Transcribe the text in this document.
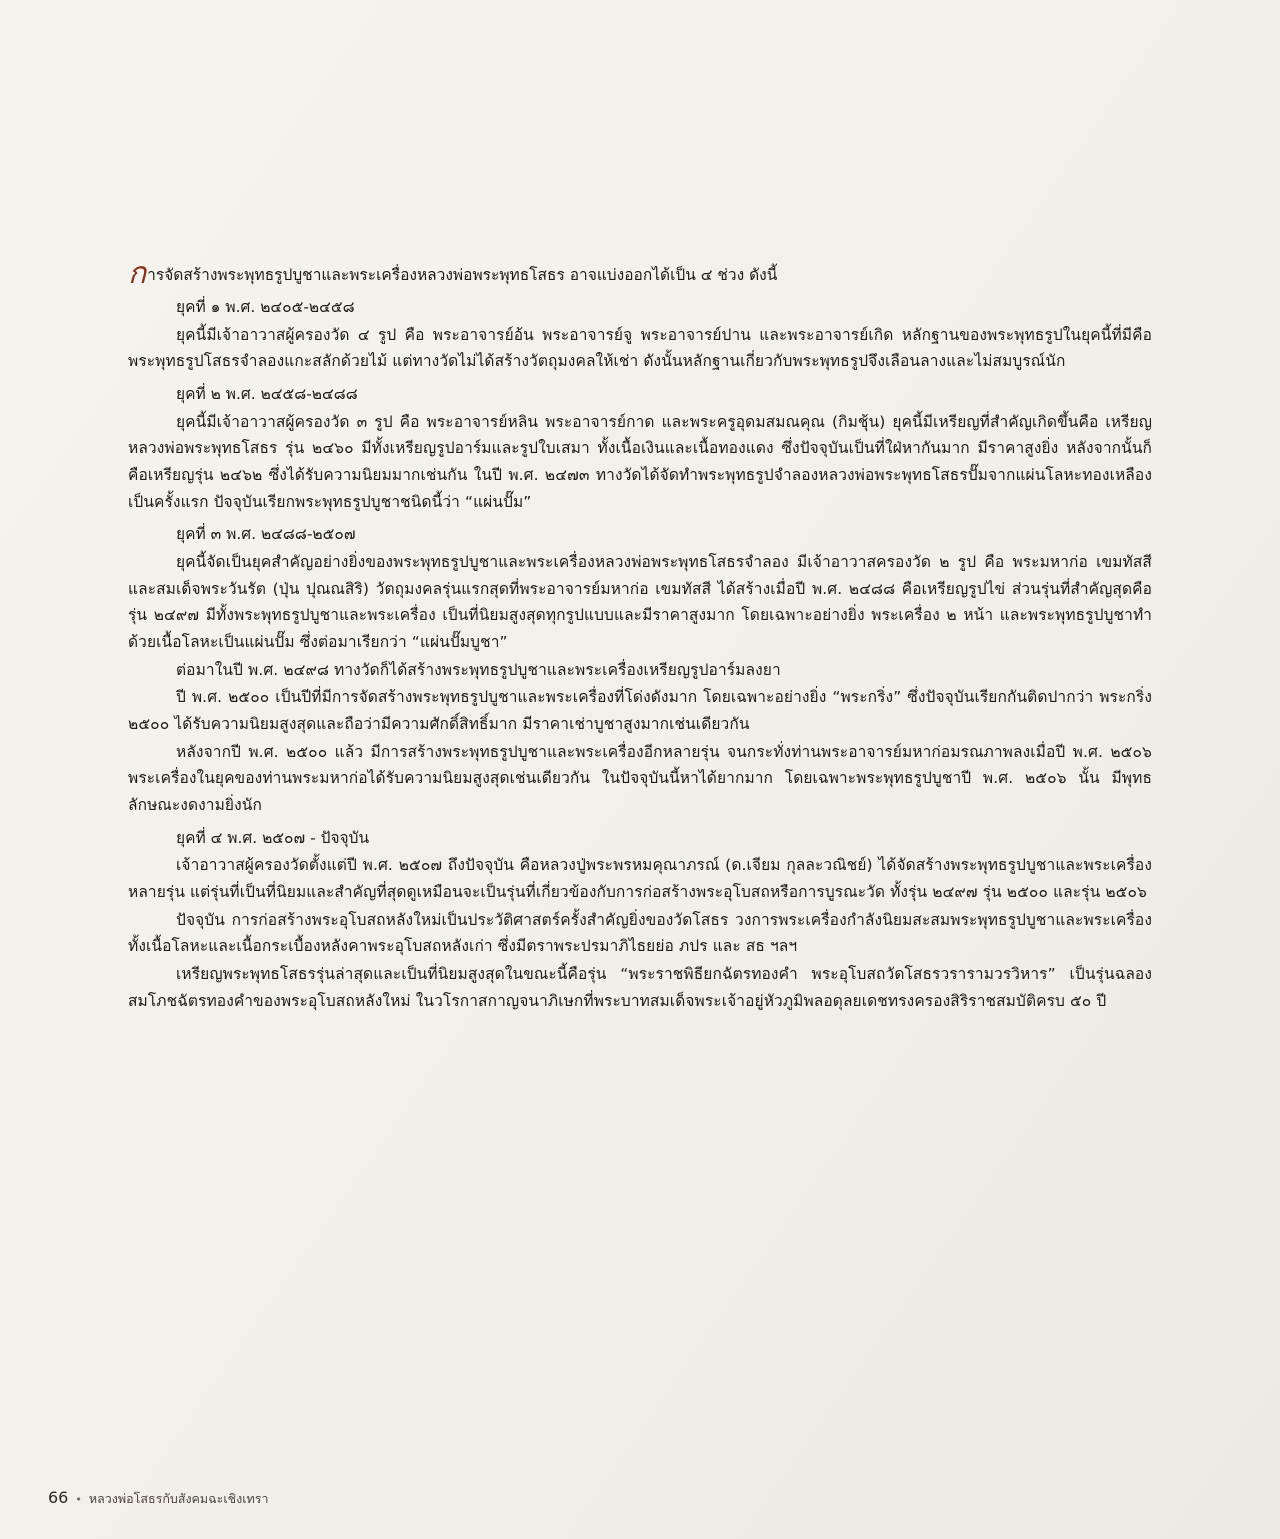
การจัดสร้างพระพุทธรูปบูชาและพระเครื่องหลวงพ่อพระพุทธโสธร อาจแบ่งออกได้เป็น ๔ ช่วง ดังนี้

ยุคที่ ๑ พ.ศ. ๒๔๐๕-๒๔๕๘

ยุคนี้มีเจ้าอาวาสผู้ครองวัด ๔ รูป คือ พระอาจารย์อ้น พระอาจารย์จู พระอาจารย์ปาน และพระอาจารย์เกิด หลักฐานของพระพุทธรูปในยุคนี้ที่มีคือพระพุทธรูปโสธรจำลองแกะสลักด้วยไม้ แต่ทางวัดไม่ได้สร้างวัตถุมงคลให้เช่า ดังนั้นหลักฐานเกี่ยวกับพระพุทธรูปจึงเลือนลางและไม่สมบูรณ์นัก

ยุคที่ ๒ พ.ศ. ๒๔๕๘-๒๔๘๘

ยุคนี้มีเจ้าอาวาสผู้ครองวัด ๓ รูป คือ พระอาจารย์หลิน พระอาจารย์กาด และพระครูอุดมสมณคุณ (กิมชุ้น) ยุคนี้มีเหรียญที่สำคัญเกิดขึ้นคือ เหรียญหลวงพ่อพระพุทธโสธร รุ่น ๒๔๖๐ มีทั้งเหรียญรูปอาร์มและรูปใบเสมา ทั้งเนื้อเงินและเนื้อทองแดง ซึ่งปัจจุบันเป็นที่ใฝ่หากันมาก มีราคาสูงยิ่ง หลังจากนั้นก็คือเหรียญรุ่น ๒๔๖๒ ซึ่งได้รับความนิยมมากเช่นกัน ในปี พ.ศ. ๒๔๗๓ ทางวัดได้จัดทำพระพุทธรูปจำลองหลวงพ่อพระพุทธโสธรปั๊มจากแผ่นโลหะทองเหลืองเป็นครั้งแรก ปัจจุบันเรียกพระพุทธรูปบูชาชนิดนี้ว่า “แผ่นปั๊ม”

ยุคที่ ๓ พ.ศ. ๒๔๘๘-๒๕๐๗

ยุคนี้จัดเป็นยุคสำคัญอย่างยิ่งของพระพุทธรูปบูชาและพระเครื่องหลวงพ่อพระพุทธโสธรจำลอง มีเจ้าอาวาสครองวัด ๒ รูป คือ พระมหาก่อ เขมทัสสี และสมเด็จพระวันรัต (ปุ่น ปุณณสิริ) วัตถุมงคลรุ่นแรกสุดที่พระอาจารย์มหาก่อ เขมทัสสี ได้สร้างเมื่อปี พ.ศ. ๒๔๘๘ คือเหรียญรูปไข่ ส่วนรุ่นที่สำคัญสุดคือ รุ่น ๒๔๙๗ มีทั้งพระพุทธรูปบูชาและพระเครื่อง เป็นที่นิยมสูงสุดทุกรูปแบบและมีราคาสูงมาก โดยเฉพาะอย่างยิ่ง พระเครื่อง ๒ หน้า และพระพุทธรูปบูชาทำด้วยเนื้อโลหะเป็นแผ่นปั๊ม ซึ่งต่อมาเรียกว่า “แผ่นปั๊มบูชา”

ต่อมาในปี พ.ศ. ๒๔๙๘ ทางวัดก็ได้สร้างพระพุทธรูปบูชาและพระเครื่องเหรียญรูปอาร์มลงยา

ปี พ.ศ. ๒๕๐๐ เป็นปีที่มีการจัดสร้างพระพุทธรูปบูชาและพระเครื่องที่โด่งดังมาก โดยเฉพาะอย่างยิ่ง “พระกริ่ง” ซึ่งปัจจุบันเรียกกันติดปากว่า พระกริ่ง ๒๕๐๐ ได้รับความนิยมสูงสุดและถือว่ามีความศักดิ์สิทธิ์มาก มีราคาเช่าบูชาสูงมากเช่นเดียวกัน

หลังจากปี พ.ศ. ๒๕๐๐ แล้ว มีการสร้างพระพุทธรูปบูชาและพระเครื่องอีกหลายรุ่น จนกระทั่งท่านพระอาจารย์มหาก่อมรณภาพลงเมื่อปี พ.ศ. ๒๕๐๖ พระเครื่องในยุคของท่านพระมหาก่อได้รับความนิยมสูงสุดเช่นเดียวกัน ในปัจจุบันนี้หาได้ยากมาก โดยเฉพาะพระพุทธรูปบูชาปี พ.ศ. ๒๕๐๖ นั้น มีพุทธลักษณะงดงามยิ่งนัก

ยุคที่ ๔ พ.ศ. ๒๕๐๗ - ปัจจุบัน

เจ้าอาวาสผู้ครองวัดตั้งแต่ปี พ.ศ. ๒๕๐๗ ถึงปัจจุบัน คือหลวงปู่พระพรหมคุณาภรณ์ (ด.เจียม กุลละวณิชย์) ได้จัดสร้างพระพุทธรูปบูชาและพระเครื่องหลายรุ่น แต่รุ่นที่เป็นที่นิยมและสำคัญที่สุดดูเหมือนจะเป็นรุ่นที่เกี่ยวข้องกับการก่อสร้างพระอุโบสถหรือการบูรณะวัด ทั้งรุ่น ๒๔๙๗ รุ่น ๒๕๐๐ และรุ่น ๒๕๐๖

ปัจจุบัน การก่อสร้างพระอุโบสถหลังใหม่เป็นประวัติศาสตร์ครั้งสำคัญยิ่งของวัดโสธร วงการพระเครื่องกำลังนิยมสะสมพระพุทธรูปบูชาและพระเครื่อง ทั้งเนื้อโลหะและเนื้อกระเบื้องหลังคาพระอุโบสถหลังเก่า ซึ่งมีตราพระปรมาภิไธยย่อ ภปร และ สธ ฯลฯ

เหรียญพระพุทธโสธรรุ่นล่าสุดและเป็นที่นิยมสูงสุดในขณะนี้คือรุ่น “พระราชพิธียกฉัตรทองคำ พระอุโบสถวัดโสธรวรารามวรวิหาร” เป็นรุ่นฉลองสมโภชฉัตรทองคำของพระอุโบสถหลังใหม่ ในวโรกาสกาญจนาภิเษกที่พระบาทสมเด็จพระเจ้าอยู่หัวภูมิพลอดุลยเดชทรงครองสิริราชสมบัติครบ ๕๐ ปี

66 • หลวงพ่อโสธรกับสังคมฉะเชิงเทรา
